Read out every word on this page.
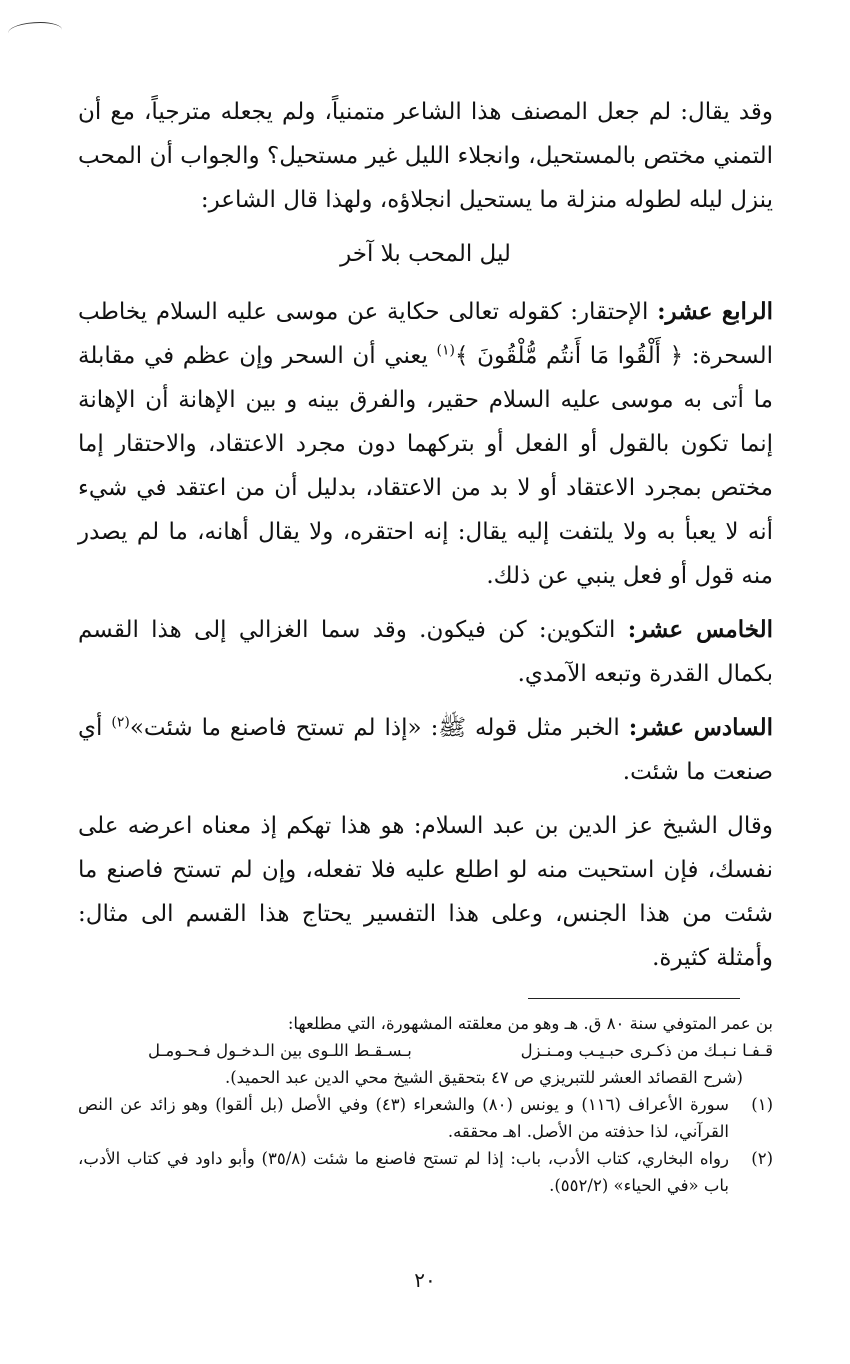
وقد يقال: لم جعل المصنف هذا الشاعر متمنياً، ولم يجعله مترجياً، مع أن التمني مختص بالمستحيل، وانجلاء الليل غير مستحيل؟ والجواب أن المحب ينزل ليله لطوله منزلة ما يستحيل انجلاؤه، ولهذا قال الشاعر:

ليل المحب بلا آخر

الرابع عشر: الإحتقار: كقوله تعالى حكاية عن موسى عليه السلام يخاطب السحرة: ﴿ أَلْقُوا مَا أَنتُم مُّلْقُونَ ﴾$^{(١)}$ يعني أن السحر وإن عظم في مقابلة ما أتى به موسى عليه السلام حقير، والفرق بينه و بين الإهانة أن الإهانة إنما تكون بالقول أو الفعل أو بتركهما دون مجرد الاعتقاد، والاحتقار إما مختص بمجرد الاعتقاد أو لا بد من الاعتقاد، بدليل أن من اعتقد في شيء أنه لا يعبأ به ولا يلتفت إليه يقال: إنه احتقره، ولا يقال أهانه، ما لم يصدر منه قول أو فعل ينبي عن ذلك.

الخامس عشر: التكوين: كن فيكون. وقد سما الغزالي إلى هذا القسم بكمال القدرة وتبعه الآمدي.

السادس عشر: الخبر مثل قوله ﷺ: «إذا لم تستح فاصنع ما شئت»$^{(٢)}$ أي صنعت ما شئت.

وقال الشيخ عز الدين بن عبد السلام: هو هذا تهكم إذ معناه اعرضه على نفسك، فإن استحيت منه لو اطلع عليه فلا تفعله، وإن لم تستح فاصنع ما شئت من هذا الجنس، وعلى هذا التفسير يحتاج هذا القسم الى مثال: وأمثلة كثيرة.

بن عمر المتوفي سنة ٨٠ ق. هـ وهو من معلقته المشهورة، التي مطلعها:
قـفـا نـبـك من ذكـرى حبـيـب ومـنـزل
بـسـقـط اللـوى بين الـدخـول فـحـومـل
(شرح القصائد العشر للتبريزي ص ٤٧ بتحقيق الشيخ محي الدين عبد الحميد).
(١)
سورة الأعراف (١١٦) و يونس (٨٠) والشعراء (٤٣) وفي الأصل (بل ألقوا) وهو زائد عن النص القرآني، لذا حذفته من الأصل. اهـ محققه.
(٢)
رواه البخاري، كتاب الأدب، باب: إذا لم تستح فاصنع ما شئت (٣٥/٨) وأبو داود في كتاب الأدب، باب «في الحياء» (٥٥٢/٢).
٢٠
